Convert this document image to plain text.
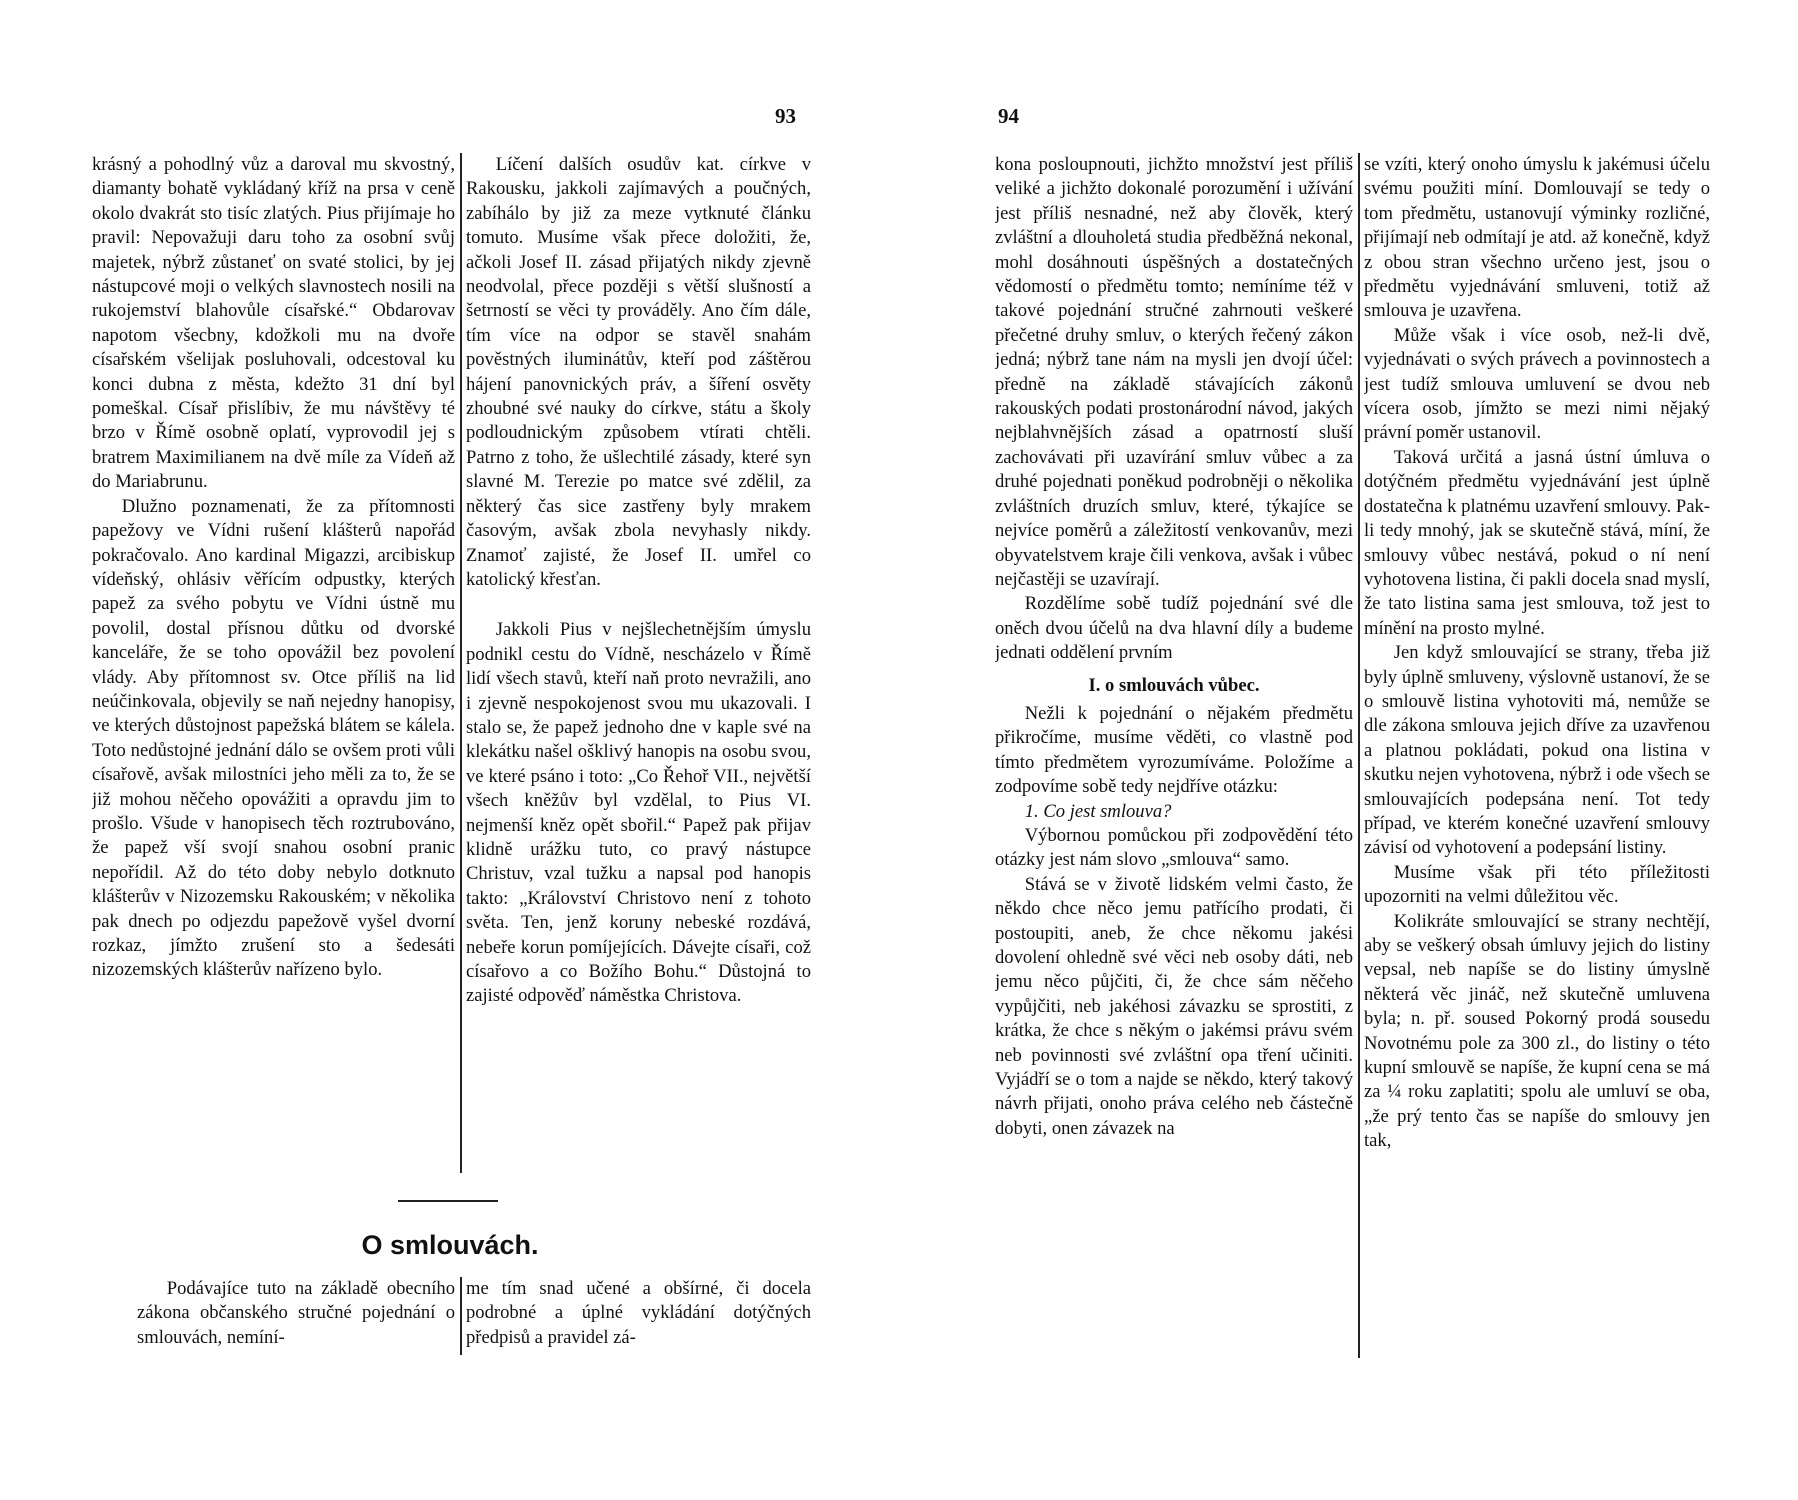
93

krásný a pohodlný vůz a daroval mu skvostný, diamanty bohatě vykládaný kříž na prsa v ceně okolo dvakrát sto tisíc zlatých. Pius přijímaje ho pravil: Nepovažuji daru toho za osobní svůj majetek, nýbrž zůstaneť on svaté stolici, by jej nástupcové moji o velkých slavnostech nosili na rukojemství blahovůle císařské.“ Obdarovav napotom všecbny, kdožkoli mu na dvoře císařském všelijak posluhovali, odcestoval ku konci dubna z města, kdežto 31 dní byl pomeškal. Císař přislíbiv, že mu návštěvy té brzo v Římě osobně oplatí, vyprovodil jej s bratrem Maximilianem na dvě míle za Vídeň až do Mariabrunu.

Dlužno poznamenati, že za přítomnosti papežovy ve Vídni rušení klášterů napořád pokračovalo. Ano kardinal Migazzi, arcibiskup vídeňský, ohlásiv věřícím odpustky, kterých papež za svého pobytu ve Vídni ústně mu povolil, dostal přísnou důtku od dvorské kanceláře, že se toho opovážil bez povolení vlády. Aby přítomnost sv. Otce příliš na lid neúčinkovala, objevily se naň nejedny hanopisy, ve kterých důstojnost papežská blátem se kálela. Toto nedůstojné jednání dálo se ovšem proti vůli císařově, avšak milostníci jeho měli za to, že se již mohou něčeho opovážiti a opravdu jim to prošlo. Všude v hanopisech těch roztrubováno, že papež vší svojí snahou osobní pranic nepořídil. Až do této doby nebylo dotknuto klášterův v Nizozemsku Rakouském; v několika pak dnech po odjezdu papežově vyšel dvorní rozkaz, jímžto zrušení sto a šedesáti nizozemských klášterův nařízeno bylo.

Líčení dalších osudův kat. církve v Rakousku, jakkoli zajímavých a poučných, zabíhálo by již za meze vytknuté článku tomuto. Musíme však přece doložiti, že, ačkoli Josef II. zásad přijatých nikdy zjevně neodvolal, přece později s větší slušností a šetrností se věci ty prováděly. Ano čím dále, tím více na odpor se stavěl snahám pověstných iluminátův, kteří pod záštěrou hájení panovnických práv, a šíření osvěty zhoubné své nauky do církve, státu a školy podloudnickým způsobem vtírati chtěli. Patrno z toho, že ušlechtilé zásady, které syn slavné M. Terezie po matce své zdělil, za některý čas sice zastřeny byly mrakem časovým, avšak zbola nevyhasly nikdy. Znamoť zajisté, že Josef II. umřel co katolický křesťan.

Jakkoli Pius v nejšlechetnějším úmyslu podnikl cestu do Vídně, nescházelo v Římě lidí všech stavů, kteří naň proto nevražili, ano i zjevně nespokojenost svou mu ukazovali. I stalo se, že papež jednoho dne v kaple své na klekátku našel ošklivý hanopis na osobu svou, ve které psáno i toto: „Co Řehoř VII., největší všech kněžův byl vzdělal, to Pius VI. nejmenší kněz opět sbořil.“ Papež pak přijav klidně urážku tuto, co pravý nástupce Christuv, vzal tužku a napsal pod hanopis takto: „Království Christovo není z tohoto světa. Ten, jenž koruny nebeské rozdává, nebeře korun pomíjejících. Dávejte císaři, což císařovo a co Božího Bohu.“ Důstojná to zajisté odpověď náměstka Christova.

O smlouvách.

Podávajíce tuto na základě obecního zákona občanského stručné pojednání o smlouvách, nemíní-

me tím snad učené a obšírné, či docela podrobné a úplné vykládání dotýčných předpisů a pravidel zá-

94

kona posloupnouti, jichžto množství jest příliš veliké a jichžto dokonalé porozumění i užívání jest příliš nesnadné, než aby člověk, který zvláštní a dlouholetá studia předběžná nekonal, mohl dosáhnouti úspěšných a dostatečných vědomostí o předmětu tomto; nemíníme též v takové pojednání stručné zahrnouti veškeré přečetné druhy smluv, o kterých řečený zákon jedná; nýbrž tane nám na mysli jen dvojí účel: předně na základě stávajících zákonů rakouských podati prostonárodní návod, jakých nejblahvnějších zásad a opatrností sluší zachovávati při uzavírání smluv vůbec a za druhé pojednati poněkud podrobněji o několika zvláštních druzích smluv, které, týkajíce se nejvíce poměrů a záležitostí venkovanův, mezi obyvatelstvem kraje čili venkova, avšak i vůbec nejčastěji se uzavírají.

Rozdělíme sobě tudíž pojednání své dle oněch dvou účelů na dva hlavní díly a budeme jednati oddělení prvním

I. o smlouvách vůbec.

Nežli k pojednání o nějakém předmětu přikročíme, musíme věděti, co vlastně pod tímto předmětem vyrozumíváme. Položíme a zodpovíme sobě tedy nejdříve otázku:

1. Co jest smlouva?

Výbornou pomůckou při zodpovědění této otázky jest nám slovo „smlouva“ samo.

Stává se v životě lidském velmi často, že někdo chce něco jemu patřícího prodati, či postoupiti, aneb, že chce někomu jakési dovolení ohledně své věci neb osoby dáti, neb jemu něco půjčiti, či, že chce sám něčeho vypůjčiti, neb jakéhosi závazku se sprostiti, z krátka, že chce s někým o jakémsi právu svém neb povinnosti své zvláštní opa tření učiniti. Vyjádří se o tom a najde se někdo, který takový návrh přijati, onoho práva celého neb částečně dobyti, onen závazek na

se vzíti, který onoho úmyslu k jakémusi účelu svému použiti míní. Domlouvají se tedy o tom předmětu, ustanovují výminky rozličné, přijímají neb odmítají je atd. až konečně, když z obou stran všechno určeno jest, jsou o předmětu vyjednávání smluveni, totiž až smlouva je uzavřena.

Může však i více osob, než-li dvě, vyjednávati o svých právech a povinnostech a jest tudíž smlouva umluvení se dvou neb vícera osob, jímžto se mezi nimi nějaký právní poměr ustanovil.

Taková určitá a jasná ústní úmluva o dotýčném předmětu vyjednávání jest úplně dostatečna k platnému uzavření smlouvy. Pak-li tedy mnohý, jak se skutečně stává, míní, že smlouvy vůbec nestává, pokud o ní není vyhotovena listina, či pakli docela snad myslí, že tato listina sama jest smlouva, tož jest to mínění na prosto mylné.

Jen když smlouvající se strany, třeba již byly úplně smluveny, výslovně ustanoví, že se o smlouvě listina vyhotoviti má, nemůže se dle zákona smlouva jejich dříve za uzavřenou a platnou pokládati, pokud ona listina v skutku nejen vyhotovena, nýbrž i ode všech se smlouvajících podepsána není. Tot tedy případ, ve kterém konečné uzavření smlouvy závisí od vyhotovení a podepsání listiny.

Musíme však při této příležitosti upozorniti na velmi důležitou věc.

Kolikráte smlouvající se strany nechtějí, aby se veškerý obsah úmluvy jejich do listiny vepsal, neb napíše se do listiny úmyslně některá věc jináč, než skutečně umluvena byla; n. př. soused Pokorný prodá sousedu Novotnému pole za 300 zl., do listiny o této kupní smlouvě se napíše, že kupní cena se má za ¼ roku zaplatiti; spolu ale umluví se oba, „že prý tento čas se napíše do smlouvy jen tak,
